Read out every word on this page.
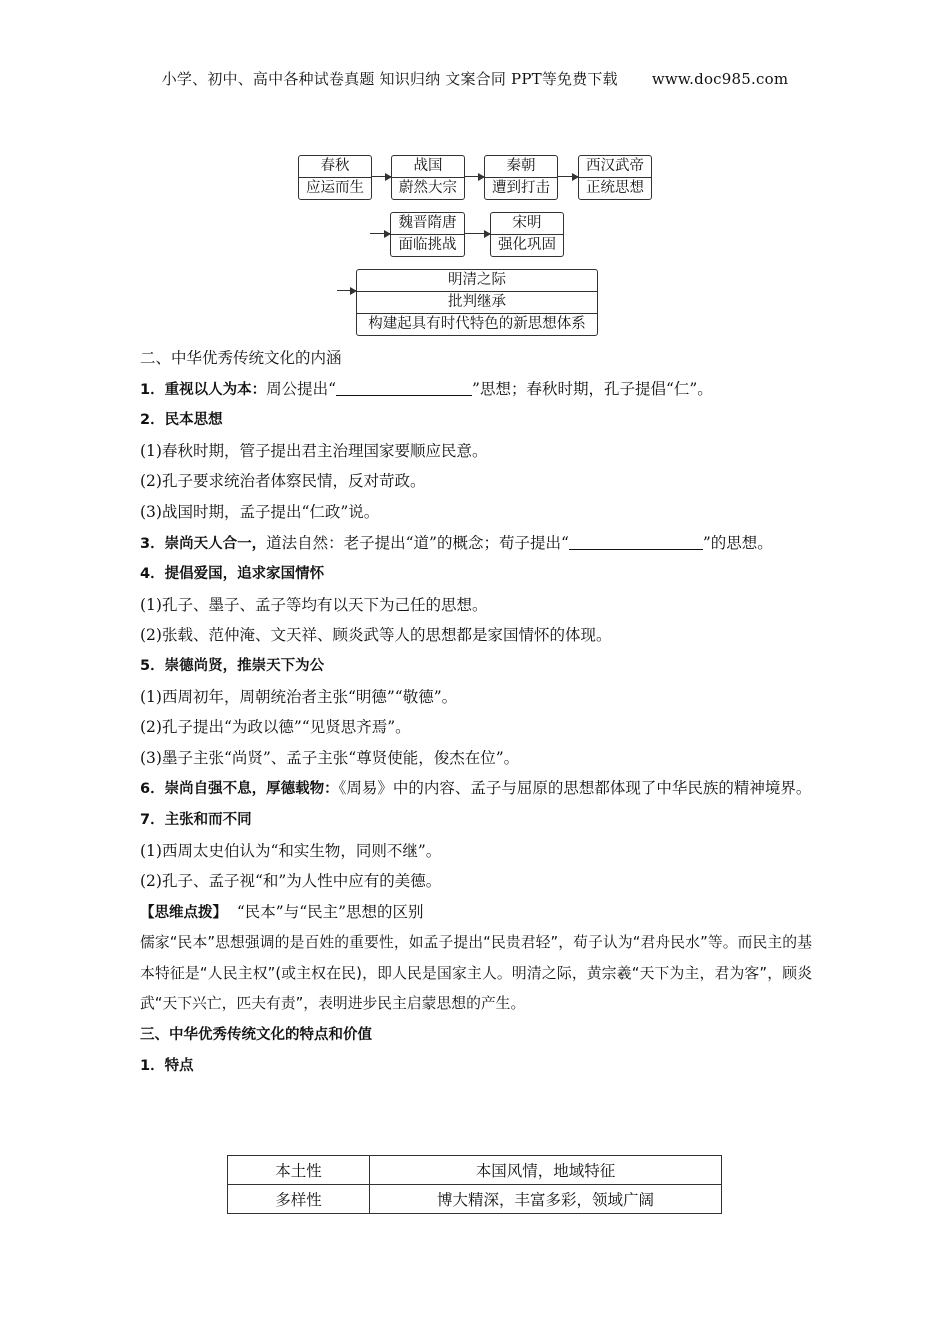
小学、初中、高中各种试卷真题 知识归纳 文案合同 PPT等免费下载 www.doc985.com
春秋
应运而生
战国
蔚然大宗
秦朝
遭到打击
西汉武帝
正统思想
魏晋隋唐
面临挑战
宋明
强化巩固
明清之际
批判继承
构建起具有时代特色的新思想体系

二、中华优秀传统文化的内涵

1．重视以人为本：周公提出“	”思想；春秋时期，孔子提倡“仁”。

2．民本思想

(1)春秋时期，管子提出君主治理国家要顺应民意。

(2)孔子要求统治者体察民情，反对苛政。

(3)战国时期，孟子提出“仁政”说。

3．崇尚天人合一，道法自然：老子提出“道”的概念；荀子提出“	”的思想。

4．提倡爱国，追求家国情怀

(1)孔子、墨子、孟子等均有以天下为己任的思想。

(2)张载、范仲淹、文天祥、顾炎武等人的思想都是家国情怀的体现。

5．崇德尚贤，推崇天下为公

(1)西周初年，周朝统治者主张“明德”“敬德”。

(2)孔子提出“为政以德”“见贤思齐焉”。

(3)墨子主张“尚贤”、孟子主张“尊贤使能，俊杰在位”。

6．崇尚自强不息，厚德载物：《周易》中的内容、孟子与屈原的思想都体现了中华民族的精神境界。

7．主张和而不同

(1)西周太史伯认为“和实生物，同则不继”。

(2)孔子、孟子视“和”为人性中应有的美德。

【思维点拨】 “民本”与“民主”思想的区别

儒家“民本”思想强调的是百姓的重要性，如孟子提出“民贵君轻”，荀子认为“君舟民水”等。而民主的基本特征是“人民主权”(或主权在民)，即人民是国家主人。明清之际，黄宗羲“天下为主，君为客”，顾炎武“天下兴亡，匹夫有责”，表明进步民主启蒙思想的产生。

三、中华优秀传统文化的特点和价值

1．特点

本土性	本国风情，地域特征
多样性	博大精深，丰富多彩，领域广阔
